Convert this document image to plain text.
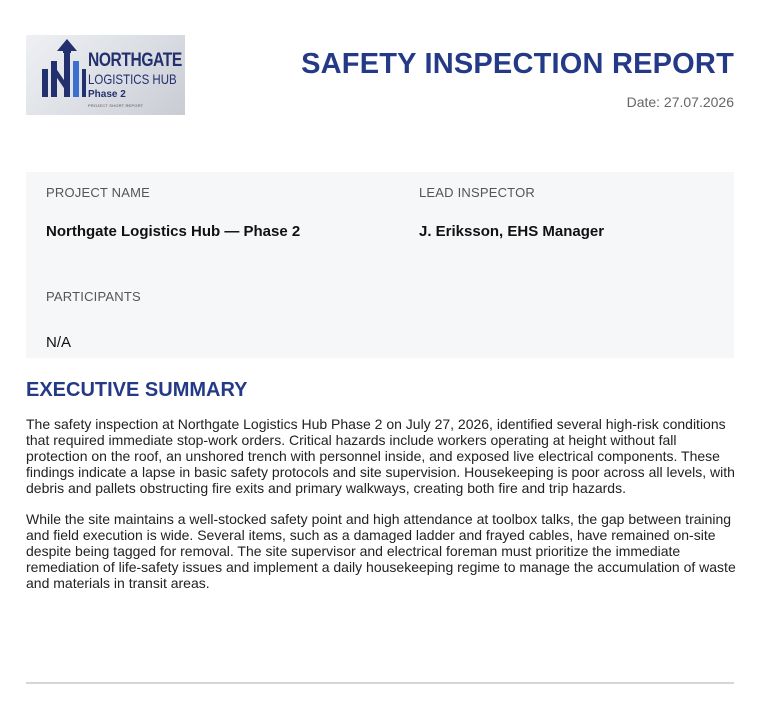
NORTHGATE
LOGISTICS HUB
Phase 2
PROJECT SHORT REPORT
SAFETY INSPECTION REPORT
Date: 27.07.2026
PROJECT NAME
Northgate Logistics Hub — Phase 2
LEAD INSPECTOR
J. Eriksson, EHS Manager
PARTICIPANTS
N/A
EXECUTIVE SUMMARY

The safety inspection at Northgate Logistics Hub Phase 2 on July 27, 2026, identified several high-risk conditions that required immediate stop-work orders. Critical hazards include workers operating at height without fall protection on the roof, an unshored trench with personnel inside, and exposed live electrical components. These findings indicate a lapse in basic safety protocols and site supervision. Housekeeping is poor across all levels, with debris and pallets obstructing fire exits and primary walkways, creating both fire and trip hazards.

While the site maintains a well-stocked safety point and high attendance at toolbox talks, the gap between training and field execution is wide. Several items, such as a damaged ladder and frayed cables, have remained on-site despite being tagged for removal. The site supervisor and electrical foreman must prioritize the immediate remediation of life-safety issues and implement a daily housekeeping regime to manage the accumulation of waste and materials in transit areas.
